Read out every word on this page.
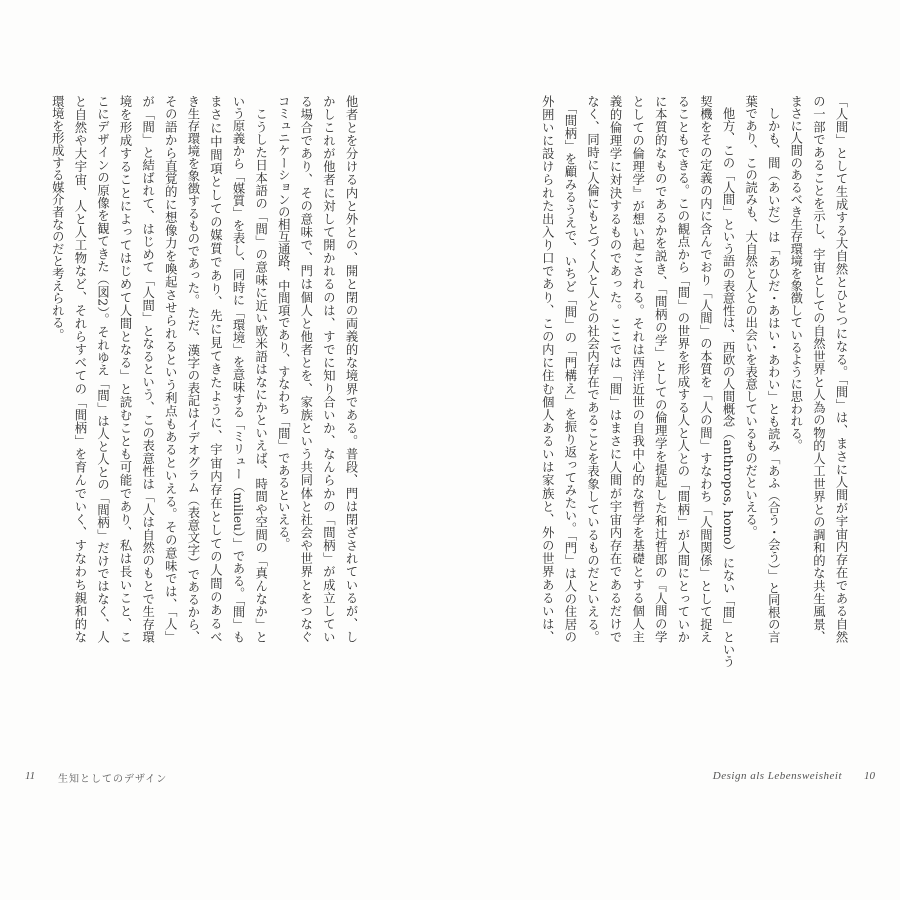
「人間」として生成する大自然とひとつになる。「間」は、まさに人間が宇宙内存在である自然
の一部であることを示し、宇宙としての自然世界と人為の物的人工世界との調和的な共生風景、
まさに人間のあるべき生存環境を象徴しているように思われる。
　しかも、間（あいだ）は「あひだ・あはい・あわい」とも読み「あふ（合う・会う）」と同根の言
葉であり、この読みも、大自然と人との出会いを表意しているものだといえる。
　他方、この「人間」という語の表意性は、西欧の人間概念（anthropos, homo）にない「間」という
契機をその定義の内に含んでおり「人間」の本質を「人の間」すなわち「人間関係」として捉え
ることもできる。この観点から「間」の世界を形成する人と人との「間柄」が人間にとっていか
に本質的なものであるかを説き、「間柄の学」としての倫理学を提起した和辻哲郎の『人間の学
としての倫理学』が想い起こされる。それは西洋近世の自我中心的な哲学を基礎とする個人主
義的倫理学に対決するものであった。ここでは「間」はまさに人間が宇宙内存在であるだけで
なく、同時に人倫にもとづく人と人との社会内存在であることを表象しているものだといえる。
　「間柄」を顧みるうえで、いちど「間」の「門構え」を振り返ってみたい。「門」は人の住居の
外囲いに設けられた出入り口であり、この内に住む個人あるいは家族と、外の世界あるいは、
他者とを分ける内と外との、開と閉の両義的な境界である。普段、門は閉ざされているが、し
かしこれが他者に対して開かれるのは、すでに知り合いか、なんらかの「間柄」が成立してい
る場合であり、その意味で、門は個人と他者とを、家族という共同体と社会や世界とをつなぐ
コミュニケーションの相互通路、中間項であり、すなわち「間」であるといえる。
　こうした日本語の「間」の意味に近い欧米語はなにかといえば、時間や空間の「真んなか」と
いう原義から「媒質」を表し、同時に「環境」を意味する「ミリュー（milieu）」である。「間」も
まさに中間項としての媒質であり、先に見てきたように、宇宙内存在としての人間のあるべ
き生存環境を象徴するものであった。ただ、漢字の表記はイデオグラム（表意文字）であるから、
その語から直覚的に想像力を喚起させられるという利点もあるといえる。その意味では、「人」
が「間」と結ばれて、はじめて「人間」となるという、この表意性は「人は自然のもとで生存環
境を形成することによってはじめて人間となる」と読むことも可能であり、私は長いこと、こ
こにデザインの原像を観てきた（図2）。それゆえ「間」は人と人との「間柄」だけではなく、人
と自然や大宇宙、人と人工物など、それらすべての「間柄」を育んでいく、すなわち親和的な
環境を形成する媒介者なのだと考えられる。
11 生知としてのデザイン	Design als Lebensweisheit 10
